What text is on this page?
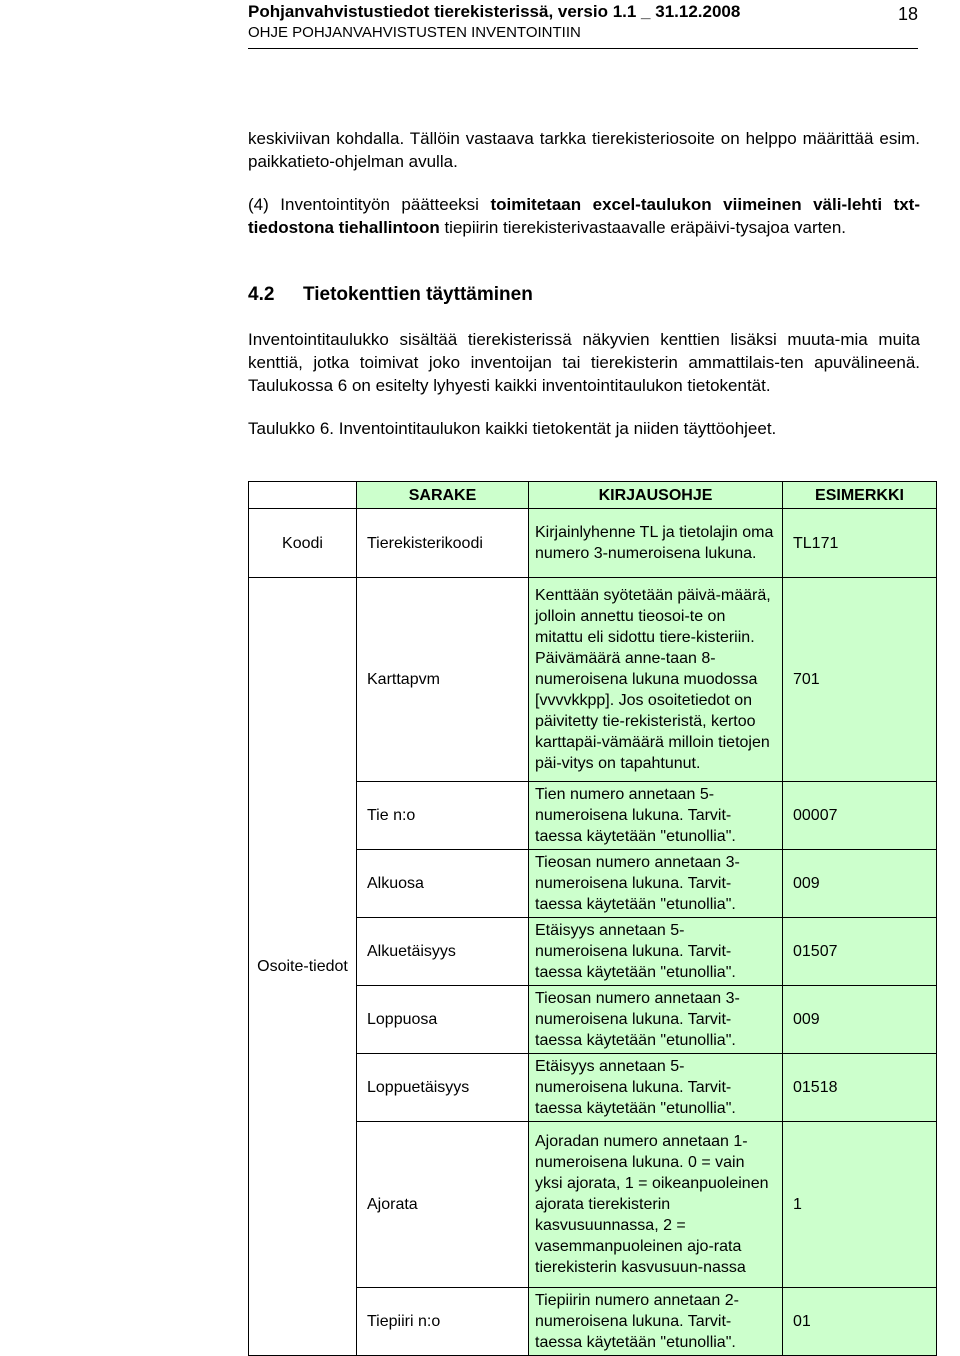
Pohjanvahvistustiedot tierekisterissä, versio 1.1 _ 31.12.2008
OHJE POHJANVAHVISTUSTEN INVENTOINTIIN
18

keskiviivan kohdalla. Tällöin vastaava tarkka tierekisteriosoite on helppo määrittää esim. paikkatieto-ohjelman avulla.

(4) Inventointityön päätteeksi toimitetaan excel-taulukon viimeinen väli-lehti txt-tiedostona tiehallintoon tiepiirin tierekisterivastaavalle eräpäivi-tysajoa varten.

4.2 Tietokenttien täyttäminen

Inventointitaulukko sisältää tierekisterissä näkyvien kenttien lisäksi muuta-mia muita kenttiä, jotka toimivat joko inventoijan tai tierekisterin ammattilais-ten apuvälineenä. Taulukossa 6 on esitelty lyhyesti kaikki inventointitaulukon tietokentät.

Taulukko 6. Inventointitaulukon kaikki tietokentät ja niiden täyttöohjeet.
	SARAKE	KIRJAUSOHJE	ESIMERKKI
Koodi	Tierekisterikoodi	Kirjainlyhenne TL ja tietolajin oma numero 3-numeroisena lukuna.	TL171
Osoite-tiedot	Karttapvm	Kenttään syötetään päivä-määrä, jolloin annettu tieosoi-te on mitattu eli sidottu tiere-kisteriin. Päivämäärä anne-taan 8-numeroisena lukuna muodossa [vvvvkkpp]. Jos osoitetiedot on päivitetty tie-rekisteristä, kertoo karttapäi-vämäärä milloin tietojen päi-vitys on tapahtunut.	701
	Tie n:o	Tien numero annetaan 5-numeroisena lukuna. Tarvit-taessa käytetään "etunollia".	00007
	Alkuosa	Tieosan numero annetaan 3-numeroisena lukuna. Tarvit-taessa käytetään "etunollia".	009
	Alkuetäisyys	Etäisyys annetaan 5-numeroisena lukuna. Tarvit-taessa käytetään "etunollia".	01507
	Loppuosa	Tieosan numero annetaan 3-numeroisena lukuna. Tarvit-taessa käytetään "etunollia".	009
	Loppuetäisyys	Etäisyys annetaan 5-numeroisena lukuna. Tarvit-taessa käytetään "etunollia".	01518
	Ajorata	Ajoradan numero annetaan 1-numeroisena lukuna. 0 = vain yksi ajorata, 1 = oikeanpuoleinen ajorata tierekisterin kasvusuunnassa, 2 = vasemmanpuoleinen ajo-rata tierekisterin kasvusuun-nassa	1
	Tiepiiri n:o	Tiepiirin numero annetaan 2-numeroisena lukuna. Tarvit-taessa käytetään "etunollia".	01
